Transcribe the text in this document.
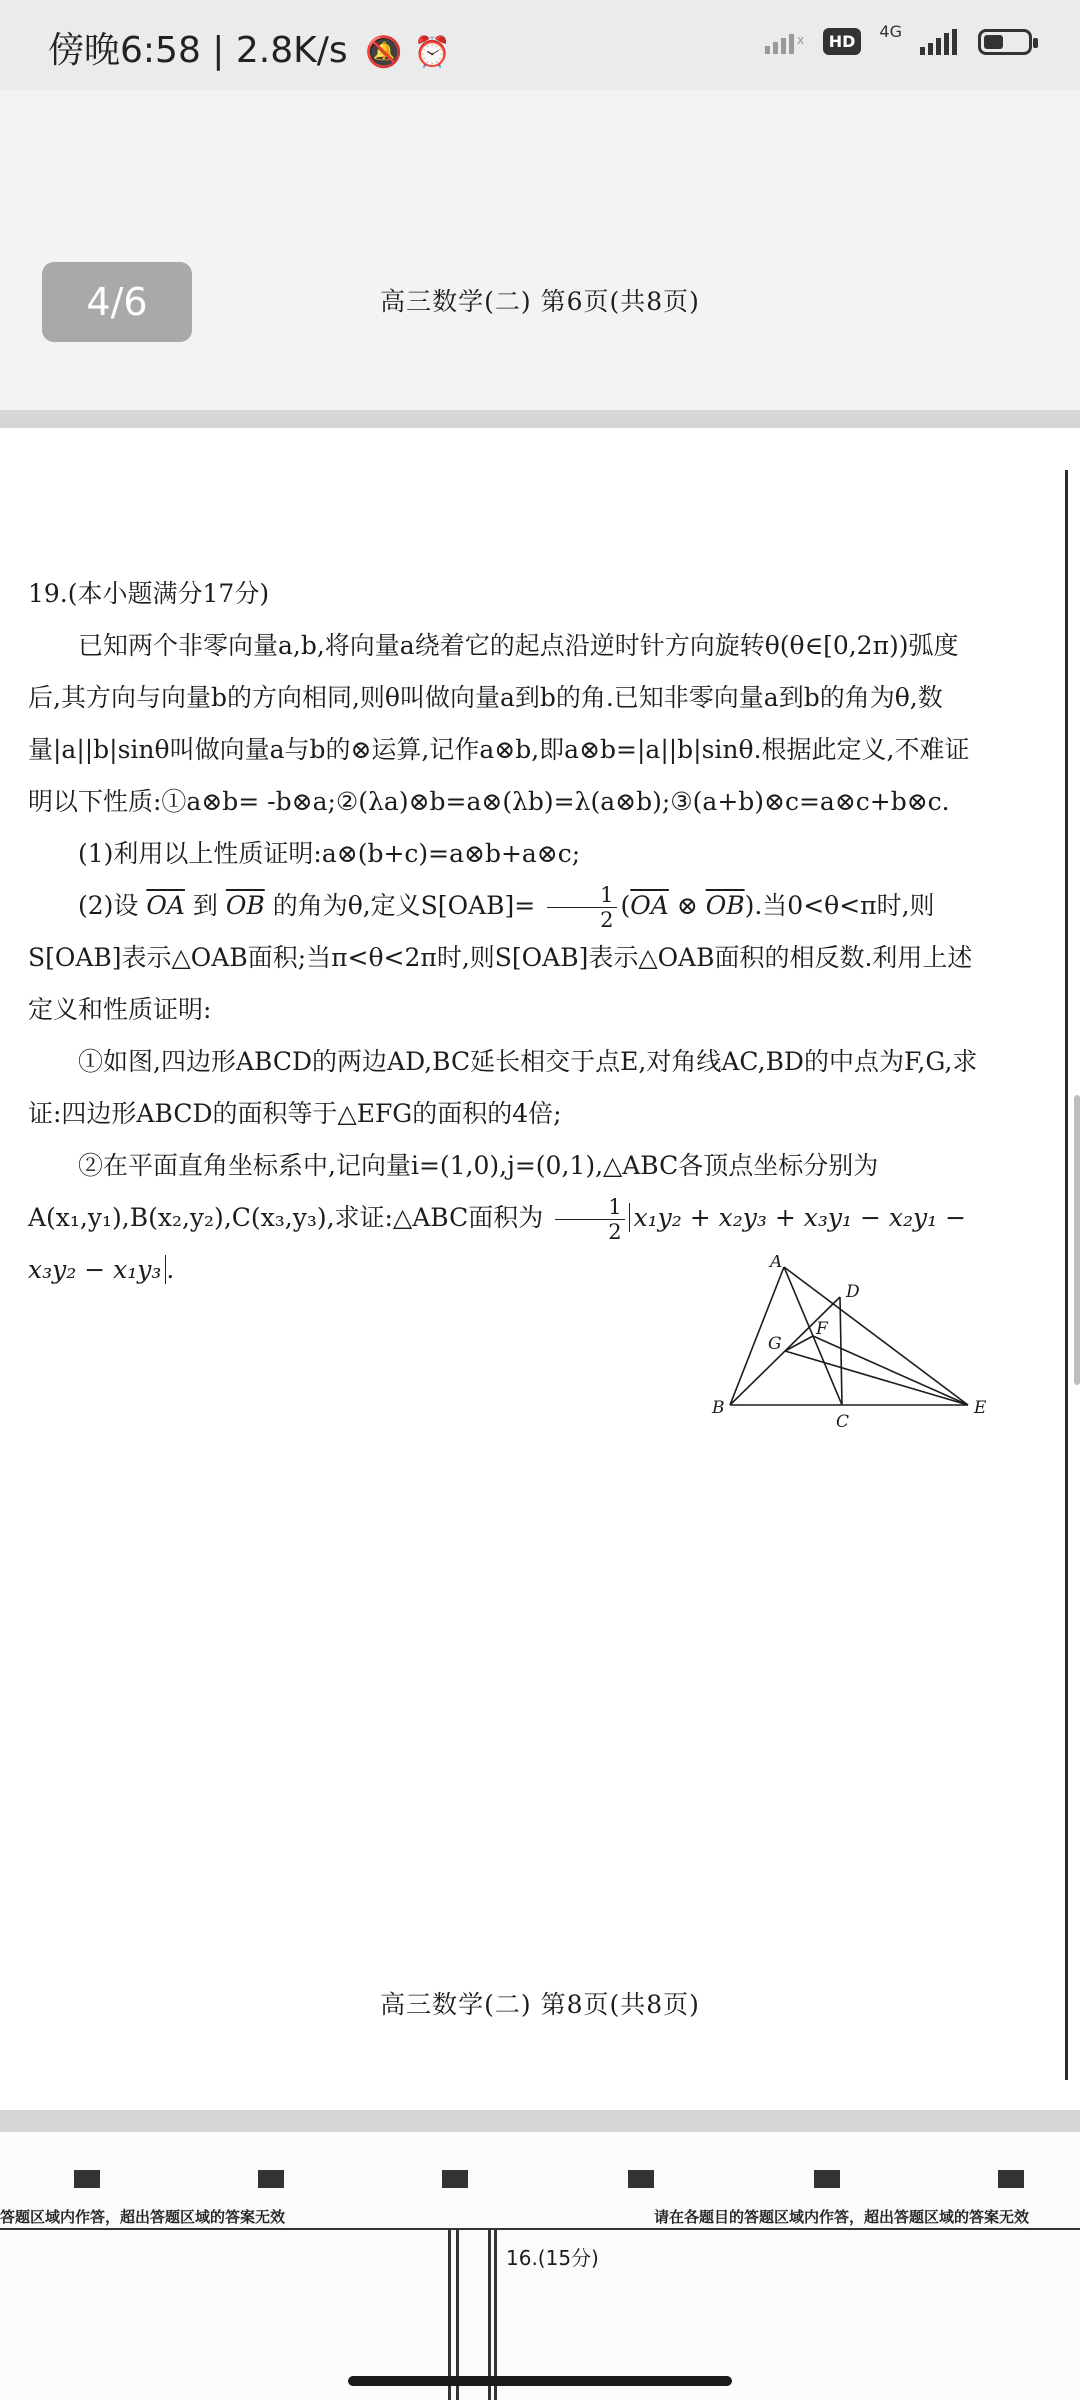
傍晚6:58 | 2.8K/s 🔕 ⏰	x	HD
4G
4/6	高三数学(二) 第6页(共8页)

19.(本小题满分17分)

已知两个非零向量a,b,将向量a绕着它的起点沿逆时针方向旋转θ(θ∈[0,2π))弧度后,其方向与向量b的方向相同,则θ叫做向量a到b的角.已知非零向量a到b的角为θ,数量|a||b|sinθ叫做向量a与b的⊗运算,记作a⊗b,即a⊗b=|a||b|sinθ.根据此定义,不难证明以下性质:①a⊗b= -b⊗a;②(λa)⊗b=a⊗(λb)=λ(a⊗b);③(a+b)⊗c=a⊗c+b⊗c.

(1)利用以上性质证明:a⊗(b+c)=a⊗b+a⊗c;

(2)设 $\overline{OA}$ 到 $\overline{OB}$ 的角为θ,定义$S[OAB]= \frac{1}{2} (\overline{OA}$ ⊗ $\overline{OB}$).当0<θ<π时,则S[OAB]表示△OAB面积;当π<θ<2π时,则S[OAB]表示△OAB面积的相反数.利用上述定义和性质证明:

①如图,四边形ABCD的两边AD,BC延长相交于点E,对角线AC,BD的中点为F,G,求证:四边形ABCD的面积等于△EFG的面积的4倍;

②在平面直角坐标系中,记向量i=(1,0),j=(0,1),△ABC各顶点坐标分别为A(x₁,y₁),B(x₂,y₂),C(x₃,y₃),求证:△ABC面积为 $\frac{1}{2} x_1y_2 + x_2y_3 + x_3y_1 - x_2y_1 - x_3y_2 - x_1y_3$ .	A
B
C
D
E
F
G
高三数学(二) 第8页(共8页)
答题区域内作答，超出答题区域的答案无效	请在各题目的答题区域内作答，超出答题区域的答案无效
16.(15分)
